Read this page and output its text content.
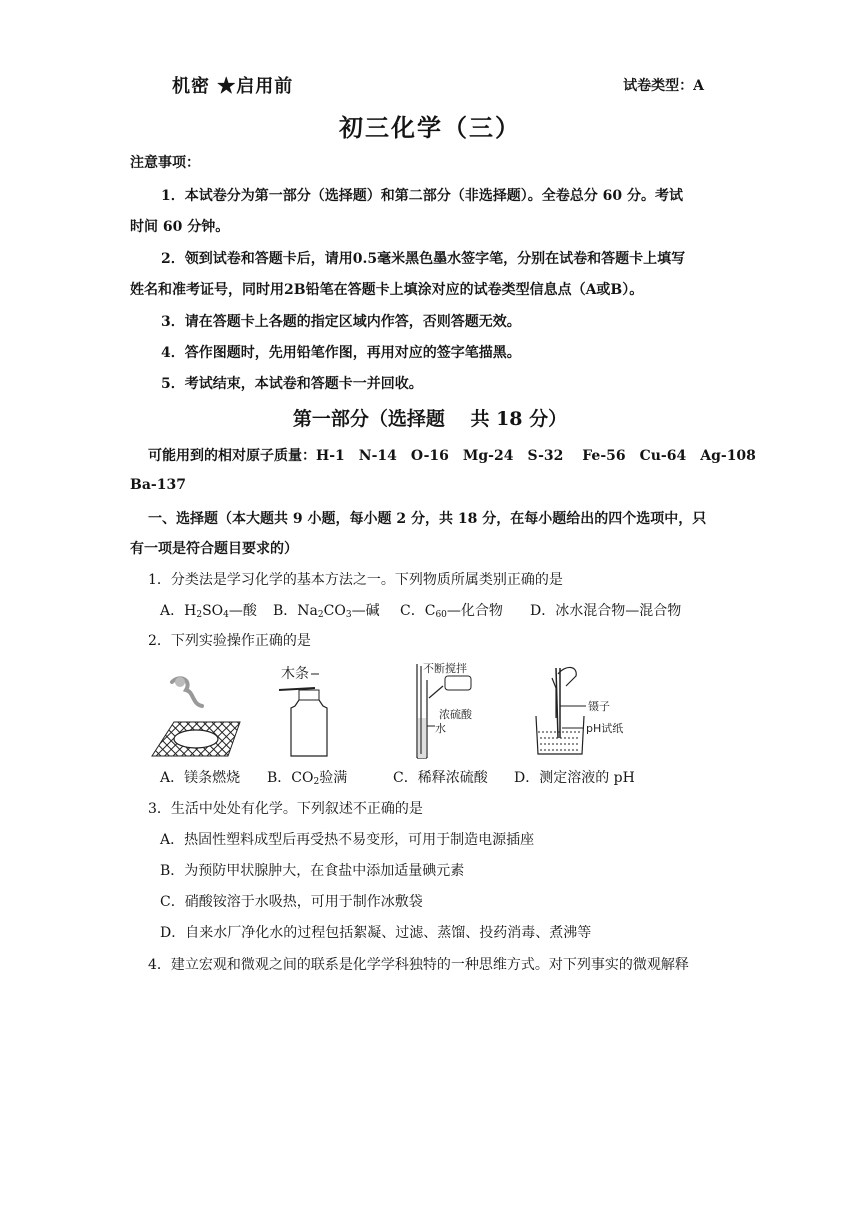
机密 ★启用前	试卷类型：A
初三化学（三）
注意事项：
1．本试卷分为第一部分（选择题）和第二部分（非选择题）。全卷总分 60 分。考试
时间 60 分钟。
2．领到试卷和答题卡后，请用0.5毫米黑色墨水签字笔，分别在试卷和答题卡上填写
姓名和准考证号，同时用2B铅笔在答题卡上填涂对应的试卷类型信息点（A或B）。
3．请在答题卡上各题的指定区域内作答，否则答题无效。
4．答作图题时，先用铅笔作图，再用对应的签字笔描黑。
5．考试结束，本试卷和答题卡一并回收。
第一部分（选择题　 共 18 分）
可能用到的相对原子质量：H-1　N-14　O-16　Mg-24　S-32　 Fe-56　Cu-64　Ag-108
Ba-137
一、选择题（本大题共 9 小题，每小题 2 分，共 18 分，在每小题给出的四个选项中，只
有一项是符合题目要求的）
1．分类法是学习化学的基本方法之一。下列物质所属类别正确的是
A．$H_2SO_4—$酸 B．$Na_2CO_3—$碱 C．$C_{60}—$化合物 D．冰水混合物—混合物
2．下列实验操作正确的是
木条	不断搅拌
浓硫酸
水
镊子
pH试纸
A．镁条燃烧 B．$CO_2$验满	C．稀释浓硫酸 D．测定溶液的 pH
3．生活中处处有化学。下列叙述不正确的是
A．热固性塑料成型后再受热不易变形，可用于制造电源插座
B．为预防甲状腺肿大，在食盐中添加适量碘元素
C．硝酸铵溶于水吸热，可用于制作冰敷袋
D．自来水厂净化水的过程包括絮凝、过滤、蒸馏、投药消毒、煮沸等
4．建立宏观和微观之间的联系是化学学科独特的一种思维方式。对下列事实的微观解释
